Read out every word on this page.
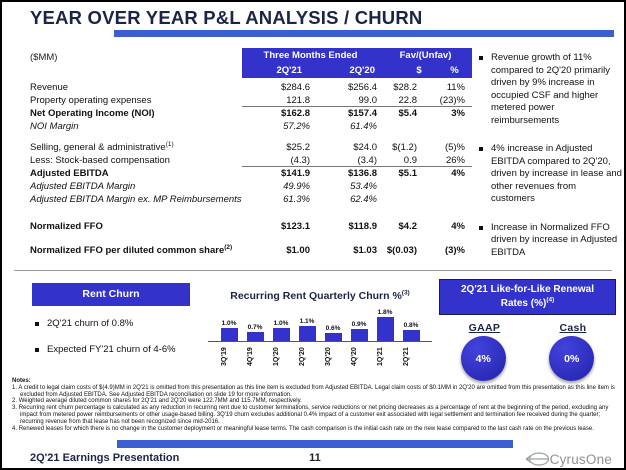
YEAR OVER YEAR P&L ANALYSIS / CHURN
($MM)	Three Months Ended	Fav/(Unfav)
2Q'21	2Q'20	$	%
Revenue	$284.6	$256.4	$28.2	11%
Property operating expenses	121.8	99.0	22.8	(23)%
Net Operating Income (NOI)	$162.8	$157.4	$5.4	3%
NOI Margin	57.2%	61.4%
Selling, general & administrative$^{(1)}$	$25.2	$24.0	$(1.2)	(5)%
Less: Stock-based compensation	(4.3)	(3.4)	0.9	26%
Adjusted EBITDA	$141.9	$136.8	$5.1	4%
Adjusted EBITDA Margin	49.9%	53.4%
Adjusted EBITDA Margin ex. MP Reimbursements	61.3%	62.4%
Normalized FFO	$123.1	$118.9	$4.2	4%
Normalized FFO per diluted common share$^{(2)}$	$1.00	$1.03	$(0.03)	(3)%
Revenue growth of 11% compared to 2Q'20 primarily driven by 9% increase in occupied CSF and higher metered power reimbursements
4% increase in Adjusted EBITDA compared to 2Q'20, driven by increase in lease and other revenues from customers
Increase in Normalized FFO driven by increase in Adjusted EBITDA
Rent Churn
2Q'21 churn of 0.8%
Expected FY'21 churn of 4-6%
Recurring Rent Quarterly Churn %$^{(3)}$
1.0%
0.7%
1.0% 1.1%
0.6%
0.9%
1.8%
0.8%
3Q'19	4Q'19	1Q'20	2Q'20	3Q'20	4Q'20	1Q'21	2Q'21
2Q'21 Like-for-Like Renewal
Rates (%)$^{(4)}$
GAAP	Cash
4%	0%
Notes:
1. A credit to legal claim costs of $(4.9)MM in 2Q'21 is omitted from this presentation as this line item is excluded from Adjusted EBITDA. Legal claim costs of $0.1MM in 2Q'20 are omitted from this presentation as this line item is excluded from Adjusted EBITDA. See Adjusted EBITDA reconciliation on slide 19 for more information.
2. Weighted average diluted common shares for 2Q'21 and 2Q'20 were 122.7MM and 115.7MM, respectively.
3. Recurring rent churn percentage is calculated as any reduction in recurring rent due to customer terminations, service reductions or net pricing decreases as a percentage of rent at the beginning of the period, excluding any impact from metered power reimbursements or other usage-based billing. 3Q'19 churn excludes additional 0.4% impact of a customer exit associated with legal settlement and termination fee received during the quarter; recurring revenue from that lease has not been recognized since mid-2016.
4. Renewed leases for which there is no change in the customer deployment or meaningful lease terms. The cash comparison is the initial cash rate on the new lease compared to the last cash rate on the previous lease.
11
2Q'21 Earnings Presentation	CyrusOne
